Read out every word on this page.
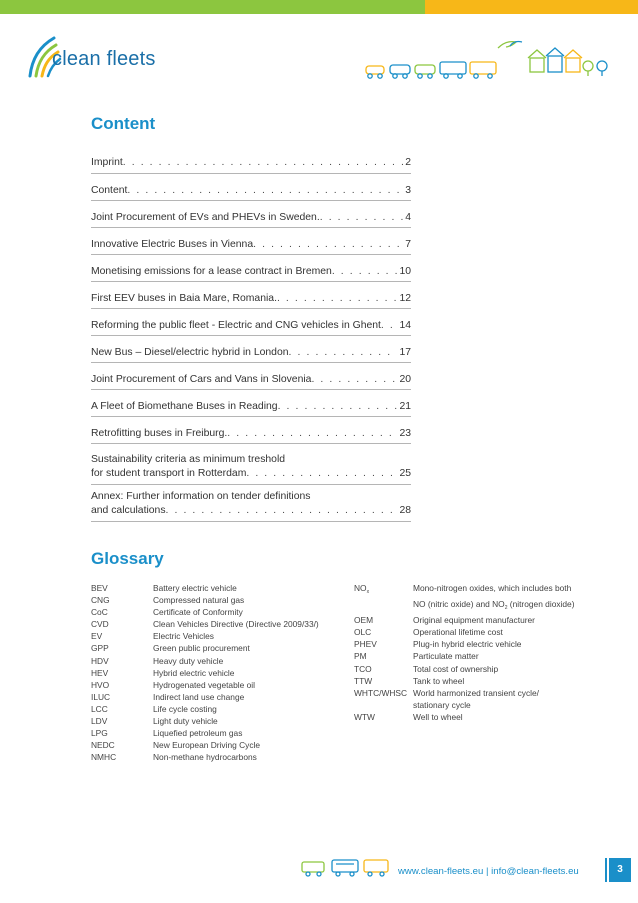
clean fleets
Content
Imprint . . .	2
Content . . .	3
Joint Procurement of EVs and PHEVs in Sweden. . . .	4
Innovative Electric Buses in Vienna . . .	7
Monetising emissions for a lease contract in Bremen . . .	10
First EEV buses in Baia Mare, Romania. . . .	12
Reforming the public fleet - Electric and CNG vehicles in Ghent . . . 14
New Bus – Diesel/electric hybrid in London . . .	17
Joint Procurement of Cars and Vans in Slovenia . . .	20
A Fleet of Biomethane Buses in Reading . . .	21
Retrofitting buses in Freiburg. . . .	23
Sustainability criteria as minimum treshold
for student transport in Rotterdam . . .	25
Annex: Further information on tender definitions
and calculations . . .	28
Glossary
BEV	Battery electric vehicle
CNG	Compressed natural gas
CoC	Certificate of Conformity
CVD	Clean Vehicles Directive (Directive 2009/33/)
EV	Electric Vehicles
GPP	Green public procurement
HDV	Heavy duty vehicle
HEV	Hybrid electric vehicle
HVO	Hydrogenated vegetable oil
ILUC	Indirect land use change
LCC	Life cycle costing
LDV	Light duty vehicle
LPG	Liquefied petroleum gas
NEDC	New European Driving Cycle
NMHC	Non-methane hydrocarbons
$NO_x$	Mono-nitrogen oxides, which includes both
NO (nitric oxide) and $NO_2$ (nitrogen dioxide)
OEM	Original equipment manufacturer
OLC	Operational lifetime cost
PHEV	Plug-in hybrid electric vehicle
PM	Particulate matter
TCO	Total cost of ownership
TTW	Tank to wheel
WHTC/WHSC World harmonized transient cycle/
stationary cycle
WTW	Well to wheel
www.clean-fleets.eu | info@clean-fleets.eu	3
